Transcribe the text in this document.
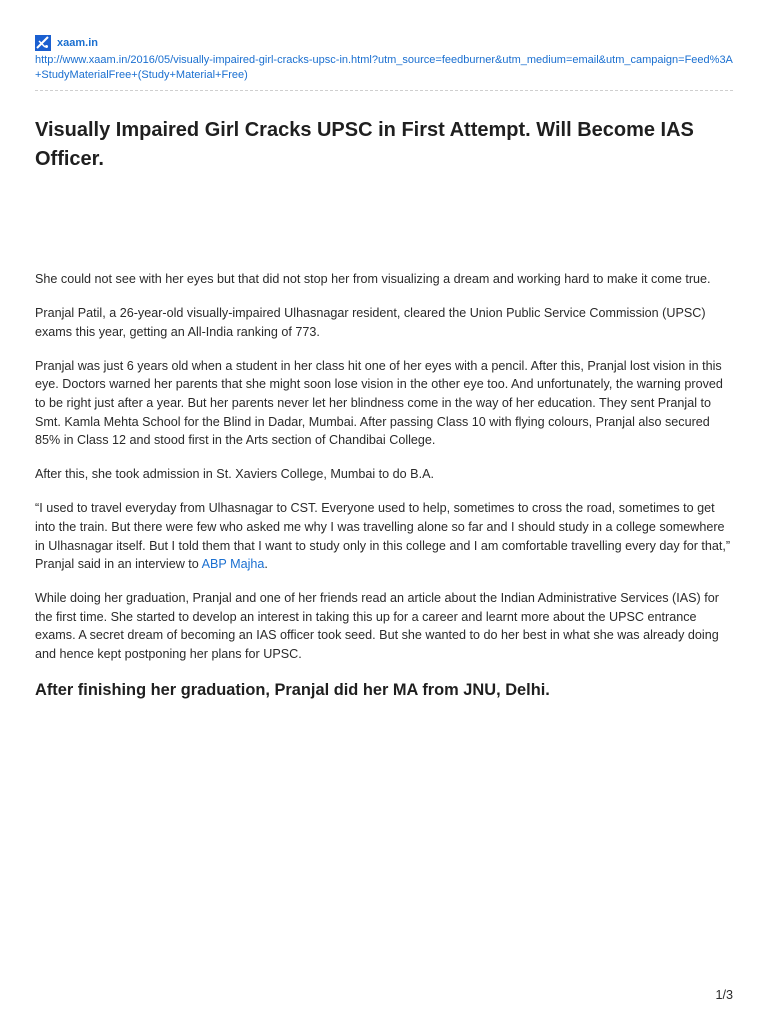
xaam.in
http://www.xaam.in/2016/05/visually-impaired-girl-cracks-upsc-in.html?utm_source=feedburner&utm_medium=email&utm_campaign=Feed%3A+StudyMaterialFree+(Study+Material+Free)
Visually Impaired Girl Cracks UPSC in First Attempt. Will Become IAS Officer.

She could not see with her eyes but that did not stop her from visualizing a dream and working hard to make it come true.

Pranjal Patil, a 26-year-old visually-impaired Ulhasnagar resident, cleared the Union Public Service Commission (UPSC) exams this year, getting an All-India ranking of 773.

Pranjal was just 6 years old when a student in her class hit one of her eyes with a pencil. After this, Pranjal lost vision in this eye. Doctors warned her parents that she might soon lose vision in the other eye too. And unfortunately, the warning proved to be right just after a year. But her parents never let her blindness come in the way of her education. They sent Pranjal to Smt. Kamla Mehta School for the Blind in Dadar, Mumbai. After passing Class 10 with flying colours, Pranjal also secured 85% in Class 12 and stood first in the Arts section of Chandibai College.

After this, she took admission in St. Xaviers College, Mumbai to do B.A.

“I used to travel everyday from Ulhasnagar to CST. Everyone used to help, sometimes to cross the road, sometimes to get into the train. But there were few who asked me why I was travelling alone so far and I should study in a college somewhere in Ulhasnagar itself. But I told them that I want to study only in this college and I am comfortable travelling every day for that,” Pranjal said in an interview to ABP Majha.

While doing her graduation, Pranjal and one of her friends read an article about the Indian Administrative Services (IAS) for the first time. She started to develop an interest in taking this up for a career and learnt more about the UPSC entrance exams. A secret dream of becoming an IAS officer took seed. But she wanted to do her best in what she was already doing and hence kept postponing her plans for UPSC.

After finishing her graduation, Pranjal did her MA from JNU, Delhi.
1/3
